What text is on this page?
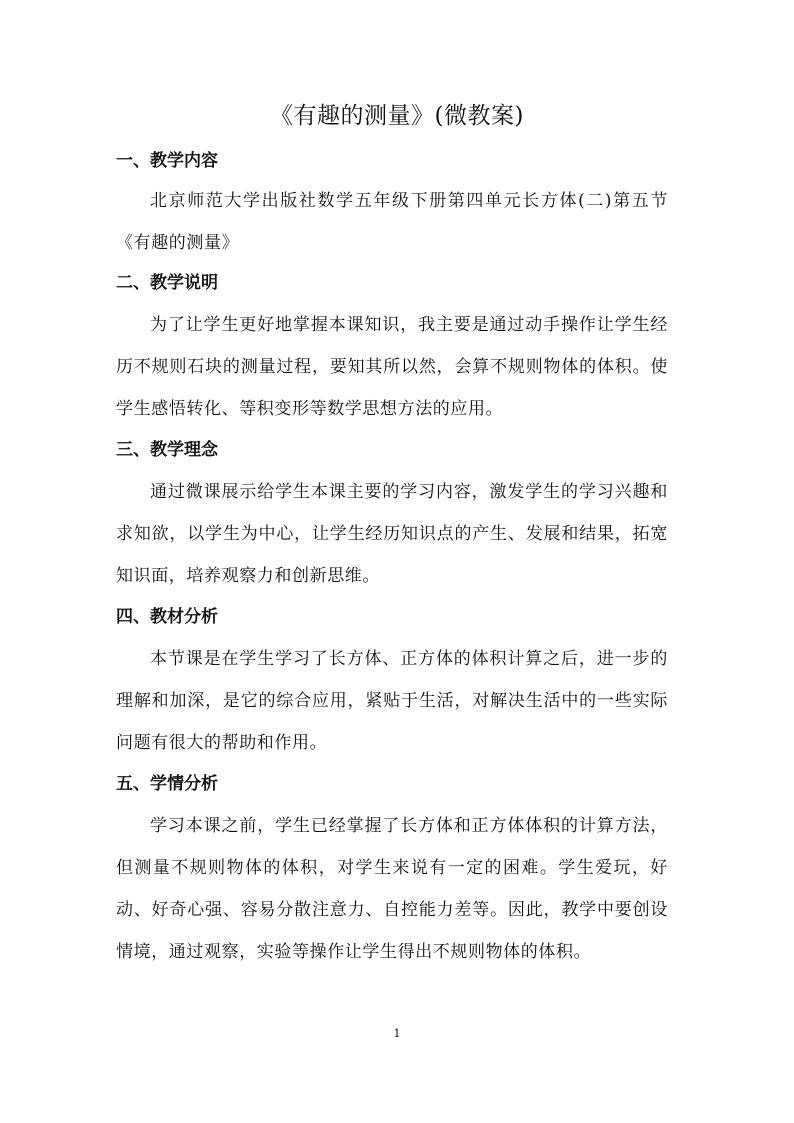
《有趣的测量》(微教案)
一、教学内容
北京师范大学出版社数学五年级下册第四单元长方体(二)第五节《有趣的测量》
二、教学说明
为了让学生更好地掌握本课知识，我主要是通过动手操作让学生经历不规则石块的测量过程，要知其所以然，会算不规则物体的体积。使学生感悟转化、等积变形等数学思想方法的应用。
三、教学理念
通过微课展示给学生本课主要的学习内容，激发学生的学习兴趣和求知欲，以学生为中心，让学生经历知识点的产生、发展和结果，拓宽知识面，培养观察力和创新思维。
四、教材分析
本节课是在学生学习了长方体、正方体的体积计算之后，进一步的理解和加深，是它的综合应用，紧贴于生活，对解决生活中的一些实际问题有很大的帮助和作用。
五、学情分析
学习本课之前，学生已经掌握了长方体和正方体体积的计算方法，但测量不规则物体的体积，对学生来说有一定的困难。学生爱玩，好动、好奇心强、容易分散注意力、自控能力差等。因此，教学中要创设情境，通过观察，实验等操作让学生得出不规则物体的体积。
1
